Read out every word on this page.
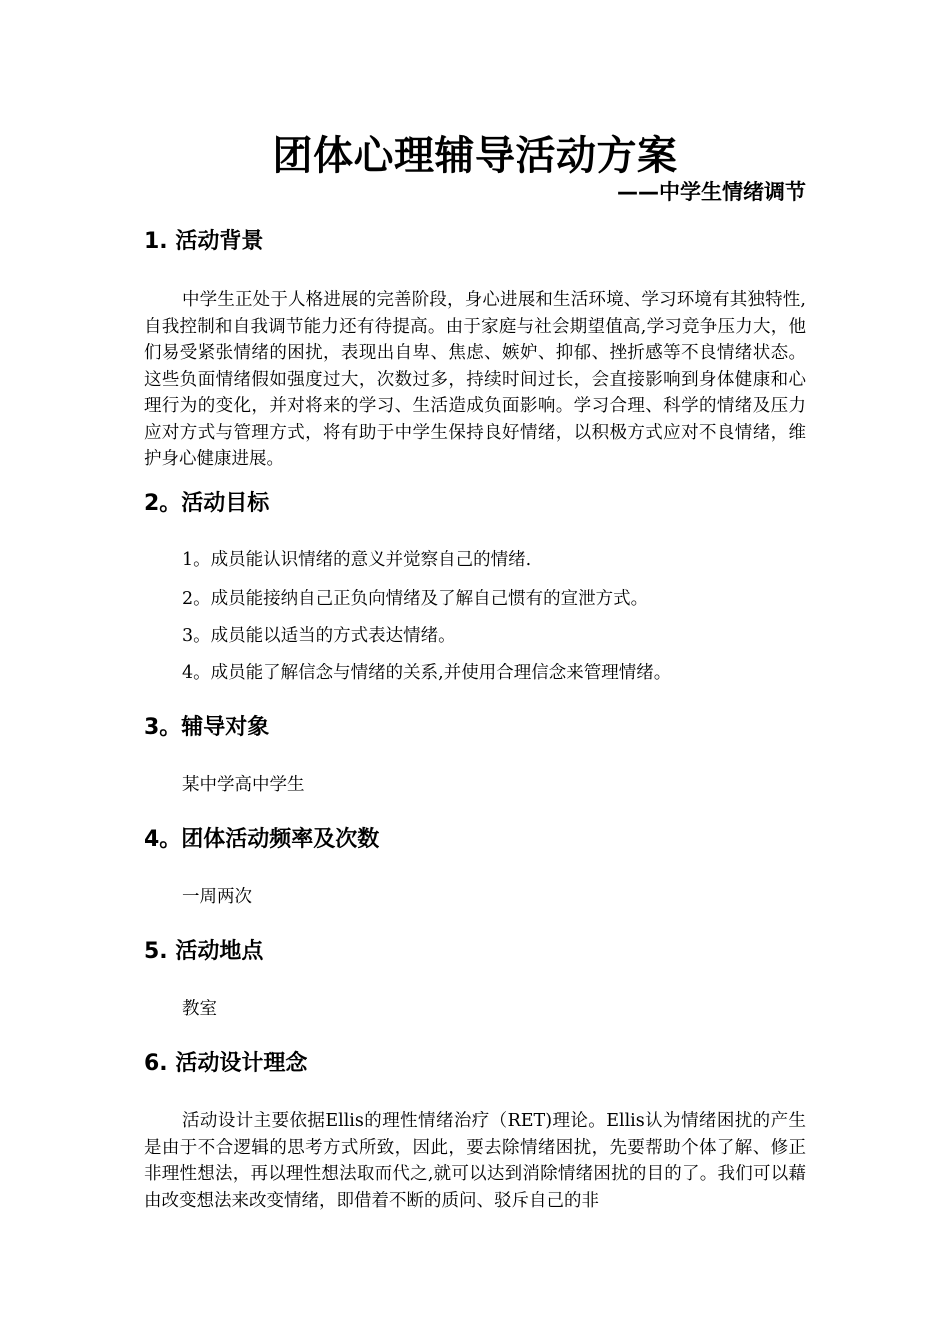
团体心理辅导活动方案
——中学生情绪调节
1. 活动背景
中学生正处于人格进展的完善阶段，身心进展和生活环境、学习环境有其独特性,自我控制和自我调节能力还有待提高。由于家庭与社会期望值高,学习竞争压力大，他们易受紧张情绪的困扰，表现出自卑、焦虑、嫉妒、抑郁、挫折感等不良情绪状态。这些负面情绪假如强度过大，次数过多，持续时间过长，会直接影响到身体健康和心理行为的变化，并对将来的学习、生活造成负面影响。学习合理、科学的情绪及压力应对方式与管理方式，将有助于中学生保持良好情绪，以积极方式应对不良情绪，维护身心健康进展。
2。活动目标
1。成员能认识情绪的意义并觉察自己的情绪.
2。成员能接纳自己正负向情绪及了解自己惯有的宣泄方式。
3。成员能以适当的方式表达情绪。
4。成员能了解信念与情绪的关系,并使用合理信念来管理情绪。
3。辅导对象
某中学高中学生
4。团体活动频率及次数
一周两次
5. 活动地点
教室
6. 活动设计理念
活动设计主要依据Ellis的理性情绪治疗（RET)理论。Ellis认为情绪困扰的产生是由于不合逻辑的思考方式所致，因此，要去除情绪困扰，先要帮助个体了解、修正非理性想法，再以理性想法取而代之,就可以达到消除情绪困扰的目的了。我们可以藉由改变想法来改变情绪，即借着不断的质问、驳斥自己的非
